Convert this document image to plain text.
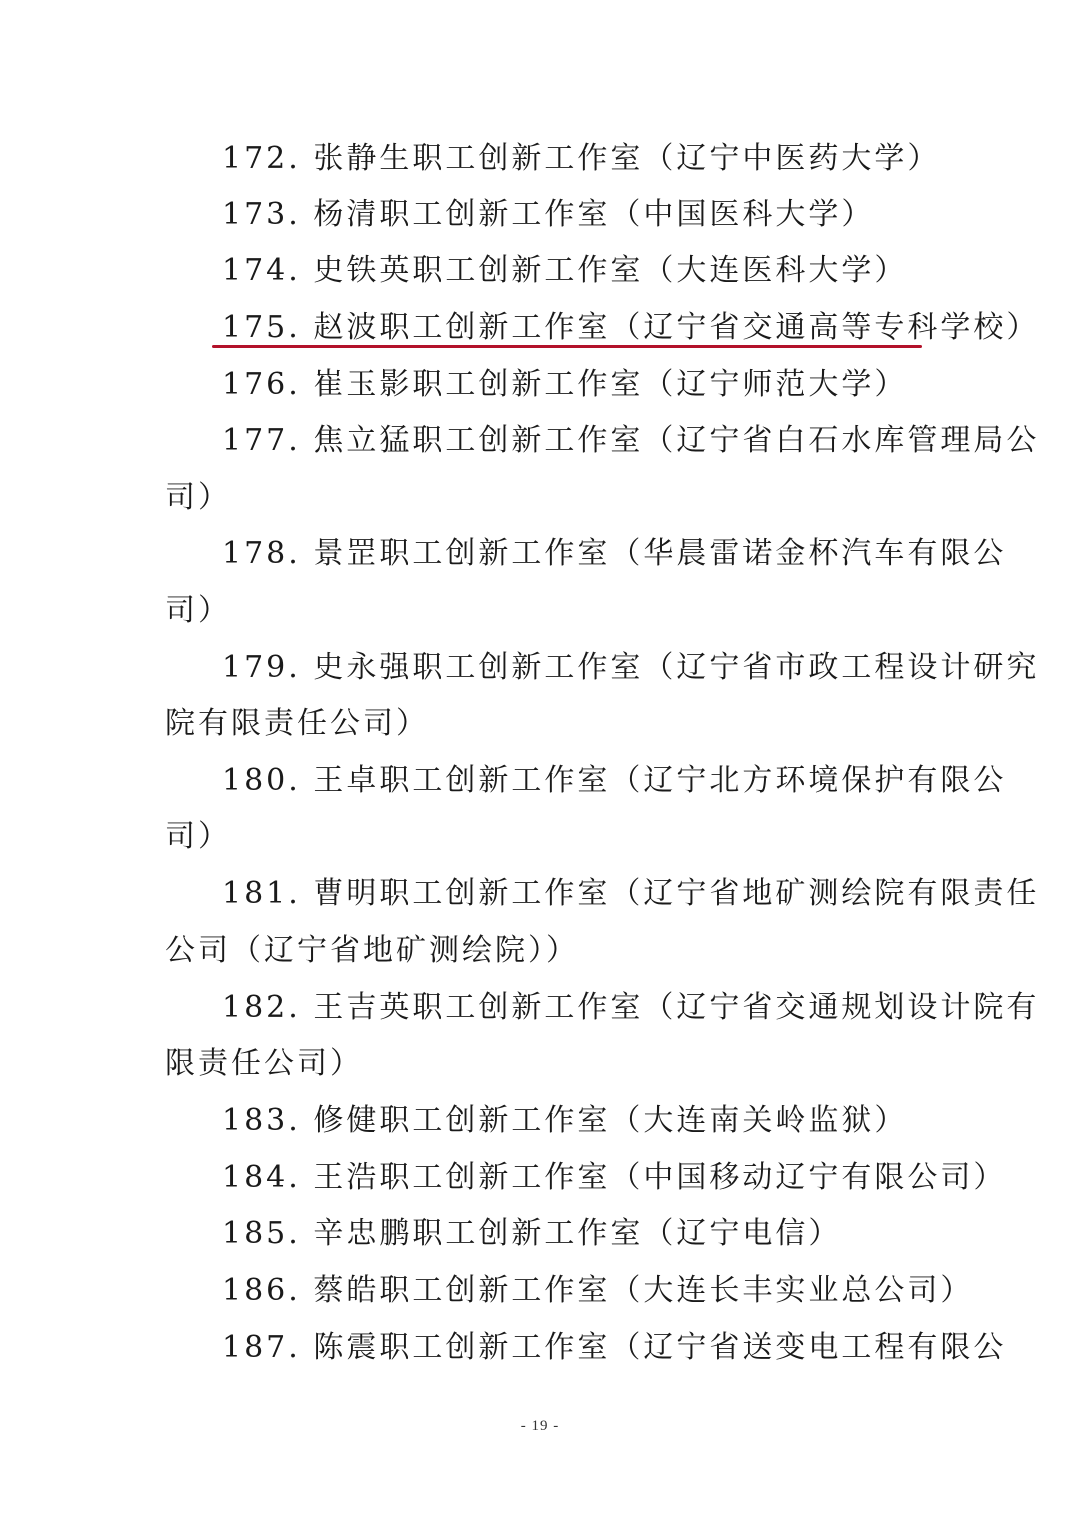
172. 张静生职工创新工作室（辽宁中医药大学）
173. 杨清职工创新工作室（中国医科大学）
174. 史铁英职工创新工作室（大连医科大学）
175. 赵波职工创新工作室（辽宁省交通高等专科学校）
176. 崔玉影职工创新工作室（辽宁师范大学）
177. 焦立猛职工创新工作室（辽宁省白石水库管理局公
司）
178. 景罡职工创新工作室（华晨雷诺金杯汽车有限公
司）
179. 史永强职工创新工作室（辽宁省市政工程设计研究
院有限责任公司）
180. 王卓职工创新工作室（辽宁北方环境保护有限公
司）
181. 曹明职工创新工作室（辽宁省地矿测绘院有限责任
公司（辽宁省地矿测绘院））
182. 王吉英职工创新工作室（辽宁省交通规划设计院有
限责任公司）
183. 修健职工创新工作室（大连南关岭监狱）
184. 王浩职工创新工作室（中国移动辽宁有限公司）
185. 辛忠鹏职工创新工作室（辽宁电信）
186. 蔡皓职工创新工作室（大连长丰实业总公司）
187. 陈震职工创新工作室（辽宁省送变电工程有限公
- 19 -
